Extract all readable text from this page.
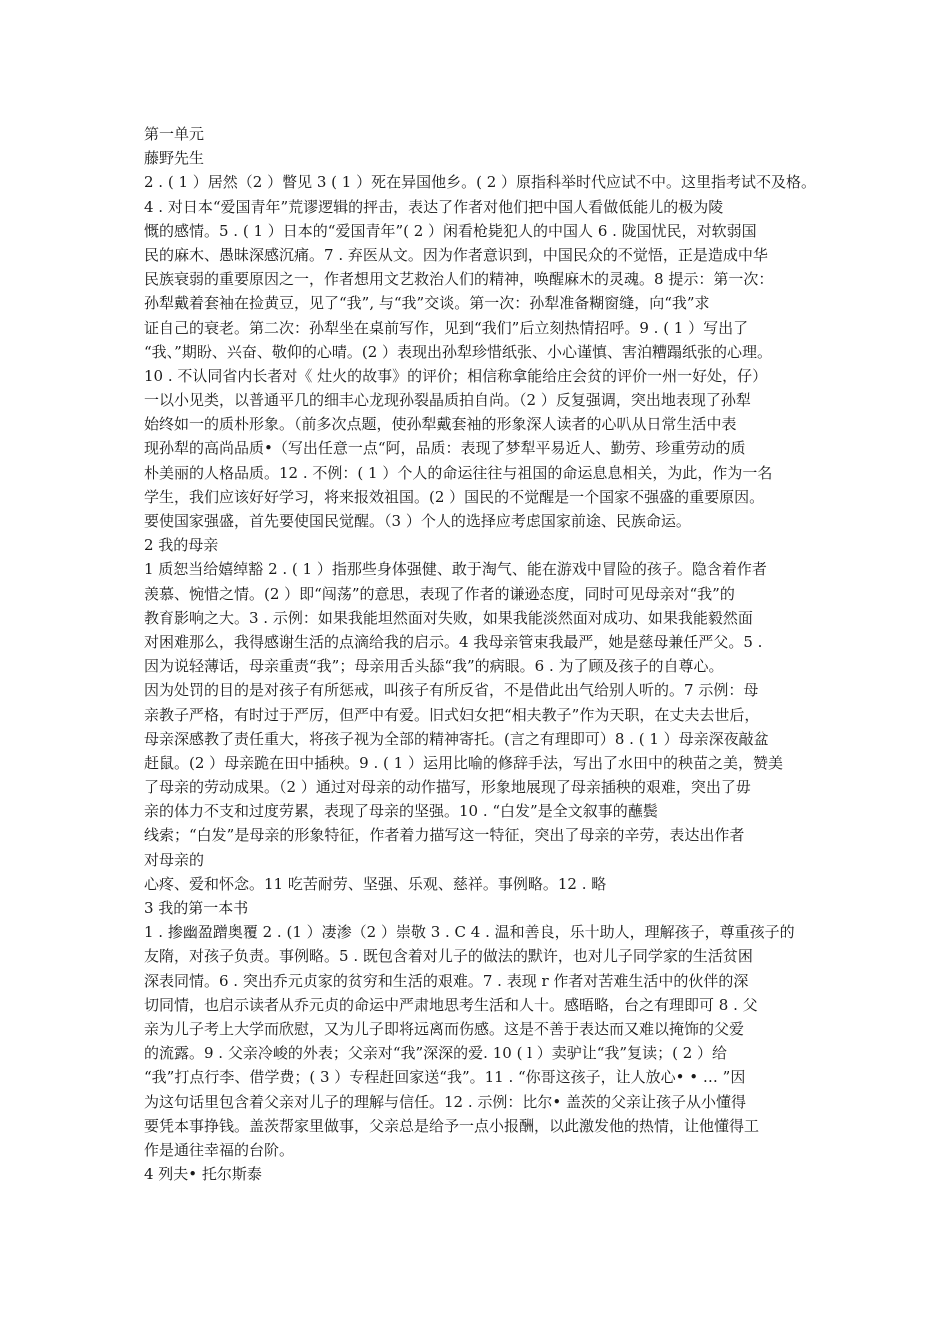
第一单元
藤野先生
2 . ( 1 ）居然（2 ）瞥见 3 ( 1 ）死在异国他乡。( 2 ）原指科举时代应试不中。这里指考试不及格。
4 . 对日本“爱国青年”荒谬逻辑的抨击，表达了作者对他们把中国人看做低能儿的极为陵
慨的感情。5 . ( 1 ）日本的“爱国青年”( 2 ）闲看枪毙犯人的中国人 6 . 陇国忧民，对软弱国
民的麻木、愚昧深感沉痛。7 . 弃医从文。因为作者意识到，中国民众的不觉悟，正是造成中华
民族衰弱的重要原因之一，作者想用文艺救治人们的精神，唤醒麻木的灵魂。8 提示：第一次：
孙犁戴着套袖在捡黄豆，见了“我”, 与“我”交谈。第一次：孙犁准备糊窗缝，向“我”求
证自己的衰老。第二次：孙犁坐在桌前写作，见到“我们”后立刻热情招呼。9 . ( 1 ）写出了
“我、”期盼、兴奋、敬仰的心晴。(2 ）表现出孙犁珍惜纸张、小心谨慎、害泊糟蹋纸张的心理。
10 . 不认同省内长者对《 灶火的故事》的评价；相信称拿能给庄会贫的评价一州一好处，仔）
一以小见类，以普通平几的细丰心龙现孙裂晶质拍自尚。（2 ）反复强调，突出地表现了孙犁
始终如一的质朴形象。（前多次点题，使孙犁戴套袖的形象深人读者的心叭从日常生活中表
现孙犁的高尚品质•（写出任意一点“阿，品质：表现了梦犁平易近人、勤劳、珍重劳动的质
朴美丽的人格品质。12 . 不例：( 1 ）个人的命运往往与祖国的命运息息相关，为此，作为一名
学生，我们应该好好学习，将来报效祖国。(2 ）国民的不觉醒是一个国家不强盛的重要原因。
要使国家强盛，首先要使国民觉醒。（3 ）个人的选择应考虑国家前途、民族命运。
2 我的母亲
1 质恕当给嬉绰豁 2 . ( 1 ）指那些身体强健、敢于淘气、能在游戏中冒险的孩子。隐含着作者
羡慕、惋惜之情。(2 ）即“闯荡”的意思，表现了作者的谦逊态度，同时可见母亲对“我”的
教育影响之大。3 . 示例：如果我能坦然面对失败，如果我能淡然面对成功、如果我能毅然面
对困难那么，我得感谢生活的点滴给我的启示。4 我母亲管束我最严，她是慈母兼任严父。5 .
因为说轻薄话，母亲重责“我”；母亲用舌头舔“我”的病眼。6 . 为了顾及孩子的自尊心。
因为处罚的目的是对孩子有所惩戒，叫孩子有所反省，不是借此出气给别人听的。7 示例：母
亲教子严格，有时过于严厉，但严中有爱。旧式妇女把“相夫教子”作为天职，在丈夫去世后，
母亲深感教了责任重大，将孩子视为全部的精神寄托。(言之有理即可）8 . ( 1 ）母亲深夜敲盆
赶鼠。(2 ）母亲跪在田中插秧。9 . ( 1 ）运用比喻的修辞手法，写出了水田中的秧苗之美，赞美
了母亲的劳动成果。（2 ）通过对母亲的动作描写，形象地展现了母亲插秧的艰难，突出了毋
亲的体力不支和过度劳累，表现了母亲的坚强。10 . “白发”是全文叙事的蘸鬓
线索；“白发”是母亲的形象特征，作者着力描写这一特征，突出了母亲的辛劳，表达出作者
对母亲的
心疼、爱和怀念。11 吃苦耐劳、坚强、乐观、慈祥。事例略。12 . 略
3 我的第一本书
1 . 掺幽盈蹭奥覆 2 . (1 ）凄渗（2 ）崇敬 3 . C 4 . 温和善良，乐十助人，理解孩子，尊重孩子的
友隋，对孩子负责。事例略。5 . 既包含着对儿子的做法的默许，也对儿子同学家的生活贫困
深表同情。6 . 突出乔元贞家的贫穷和生活的艰难。7 . 表现 r 作者对苦难生活中的伙伴的深
切同情，也启示读者从乔元贞的命运中严肃地思考生活和人十。感晤略，台之有理即可 8 . 父
亲为儿子考上大学而欣慰，又为儿子即将远离而伤感。这是不善于表达而又难以掩饰的父爱
的流露。9 . 父亲冷峻的外表；父亲对“我”深深的爱. 10 ( l ）卖驴让“我”复读；( 2 ）给
“我”打点行李、借学费；( 3 ）专程赶回家送“我”。11 . “你哥这孩子，让人放心• • … ”因
为这句话里包含着父亲对儿子的理解与信任。12 . 示例：比尔• 盖茨的父亲让孩子从小懂得
要凭本事挣钱。盖茨帮家里做事，父亲总是给予一点小报酬，以此激发他的热情，让他懂得工
作是通往幸福的台阶。
4 列夫• 托尔斯泰
